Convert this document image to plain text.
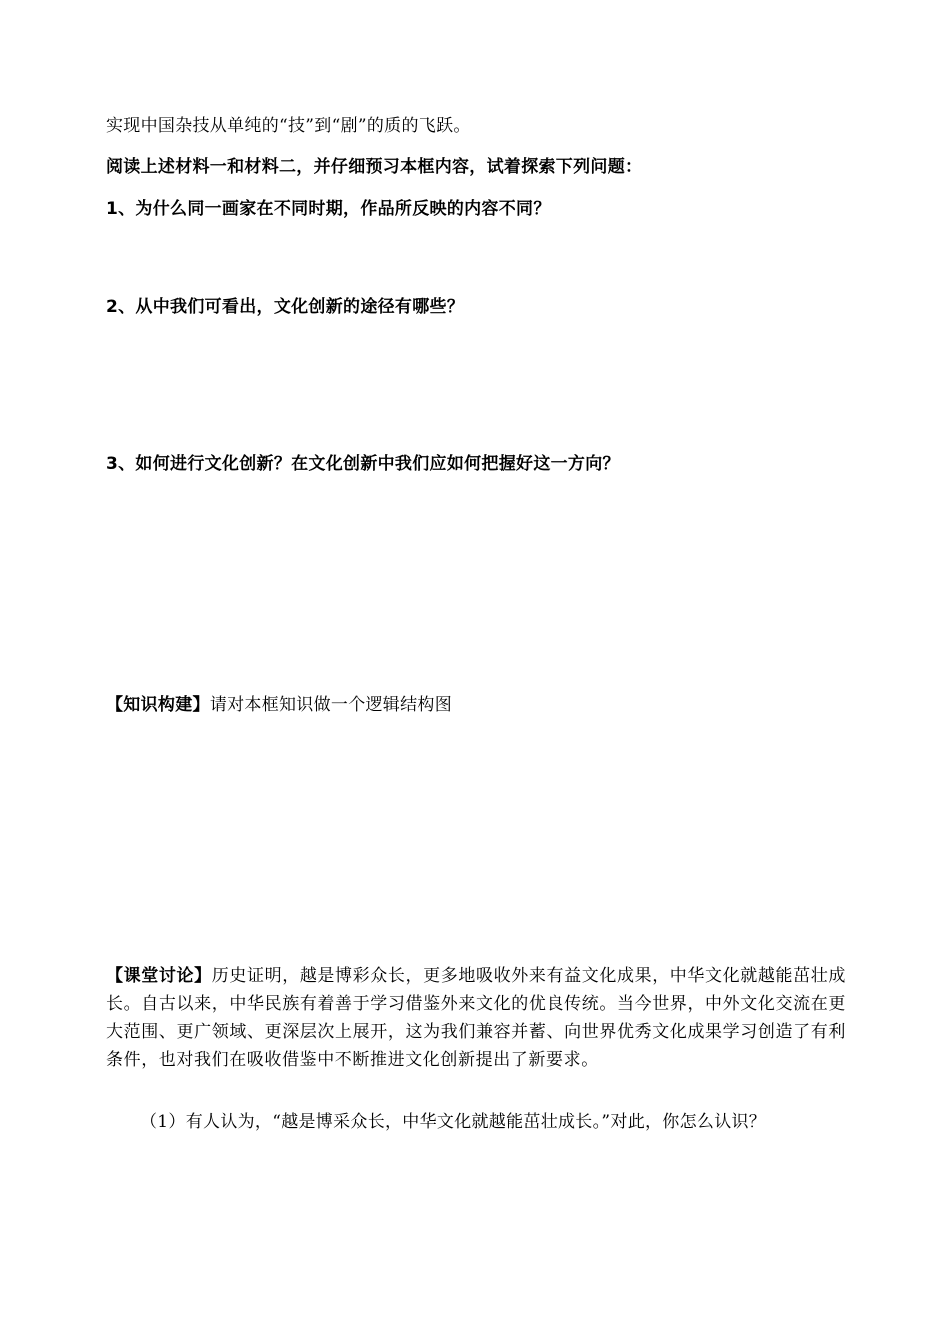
实现中国杂技从单纯的“技”到“剧”的质的飞跃。
阅读上述材料一和材料二，并仔细预习本框内容，试着探索下列问题：
1、为什么同一画家在不同时期，作品所反映的内容不同？
2、从中我们可看出，文化创新的途径有哪些？
3、如何进行文化创新？在文化创新中我们应如何把握好这一方向？
【知识构建】请对本框知识做一个逻辑结构图
【课堂讨论】历史证明，越是博彩众长，更多地吸收外来有益文化成果，中华文化就越能茁壮成长。自古以来，中华民族有着善于学习借鉴外来文化的优良传统。当今世界，中外文化交流在更大范围、更广领域、更深层次上展开，这为我们兼容并蓄、向世界优秀文化成果学习创造了有利条件，也对我们在吸收借鉴中不断推进文化创新提出了新要求。
（1）有人认为，“越是博采众长，中华文化就越能茁壮成长。”对此，你怎么认识？
